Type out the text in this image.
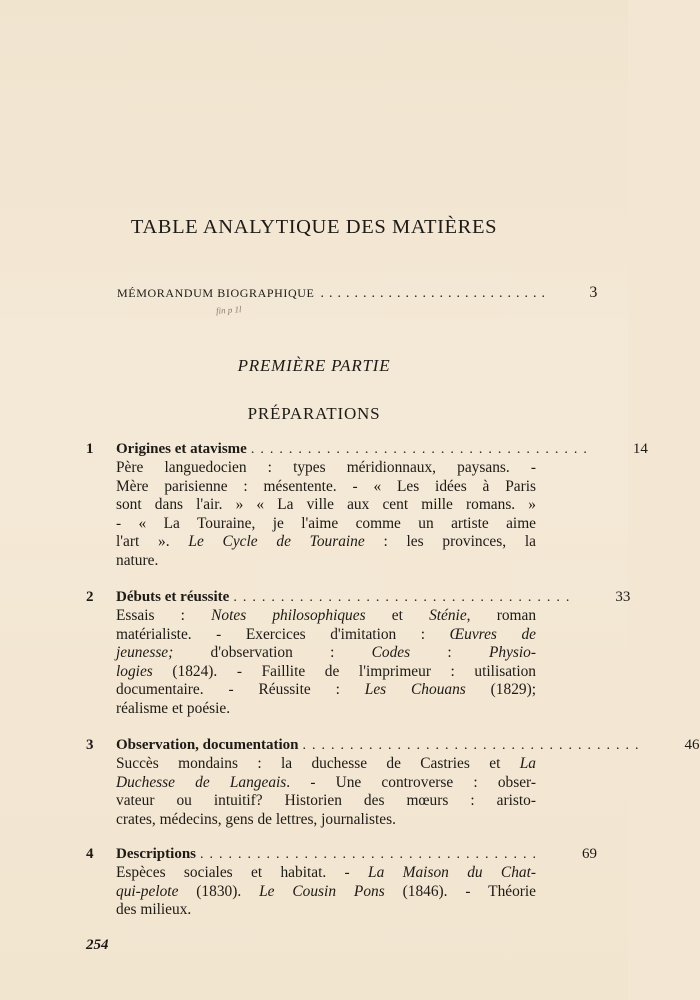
TABLE ANALYTIQUE DES MATIÈRES
MÉMORANDUM BIOGRAPHIQUE ...........................	3
fin p 1l
PREMIÈRE PARTIE
PRÉPARATIONS
1 Origines et atavisme ....................................	14
Père languedocien : types méridionnaux, paysans. -
Mère parisienne : mésentente. - « Les idées à Paris
sont dans l'air. » « La ville aux cent mille romans. »
- « La Touraine, je l'aime comme un artiste aime
l'art ». Le Cycle de Touraine : les provinces, la
nature.
2 Débuts et réussite ....................................	33
Essais : Notes philosophiques et Sténie, roman
matérialiste. - Exercices d'imitation : Œuvres de
jeunesse; d'observation : Codes : Physio-
logies (1824). - Faillite de l'imprimeur : utilisation
documentaire. - Réussite : Les Chouans (1829);
réalisme et poésie.
3 Observation, documentation ....................................	46
Succès mondains : la duchesse de Castries et La
Duchesse de Langeais. - Une controverse : obser-
vateur ou intuitif? Historien des mœurs : aristo-
crates, médecins, gens de lettres, journalistes.
4 Descriptions ....................................	69
Espèces sociales et habitat. - La Maison du Chat-
qui-pelote (1830). Le Cousin Pons (1846). - Théorie
des milieux.
254
